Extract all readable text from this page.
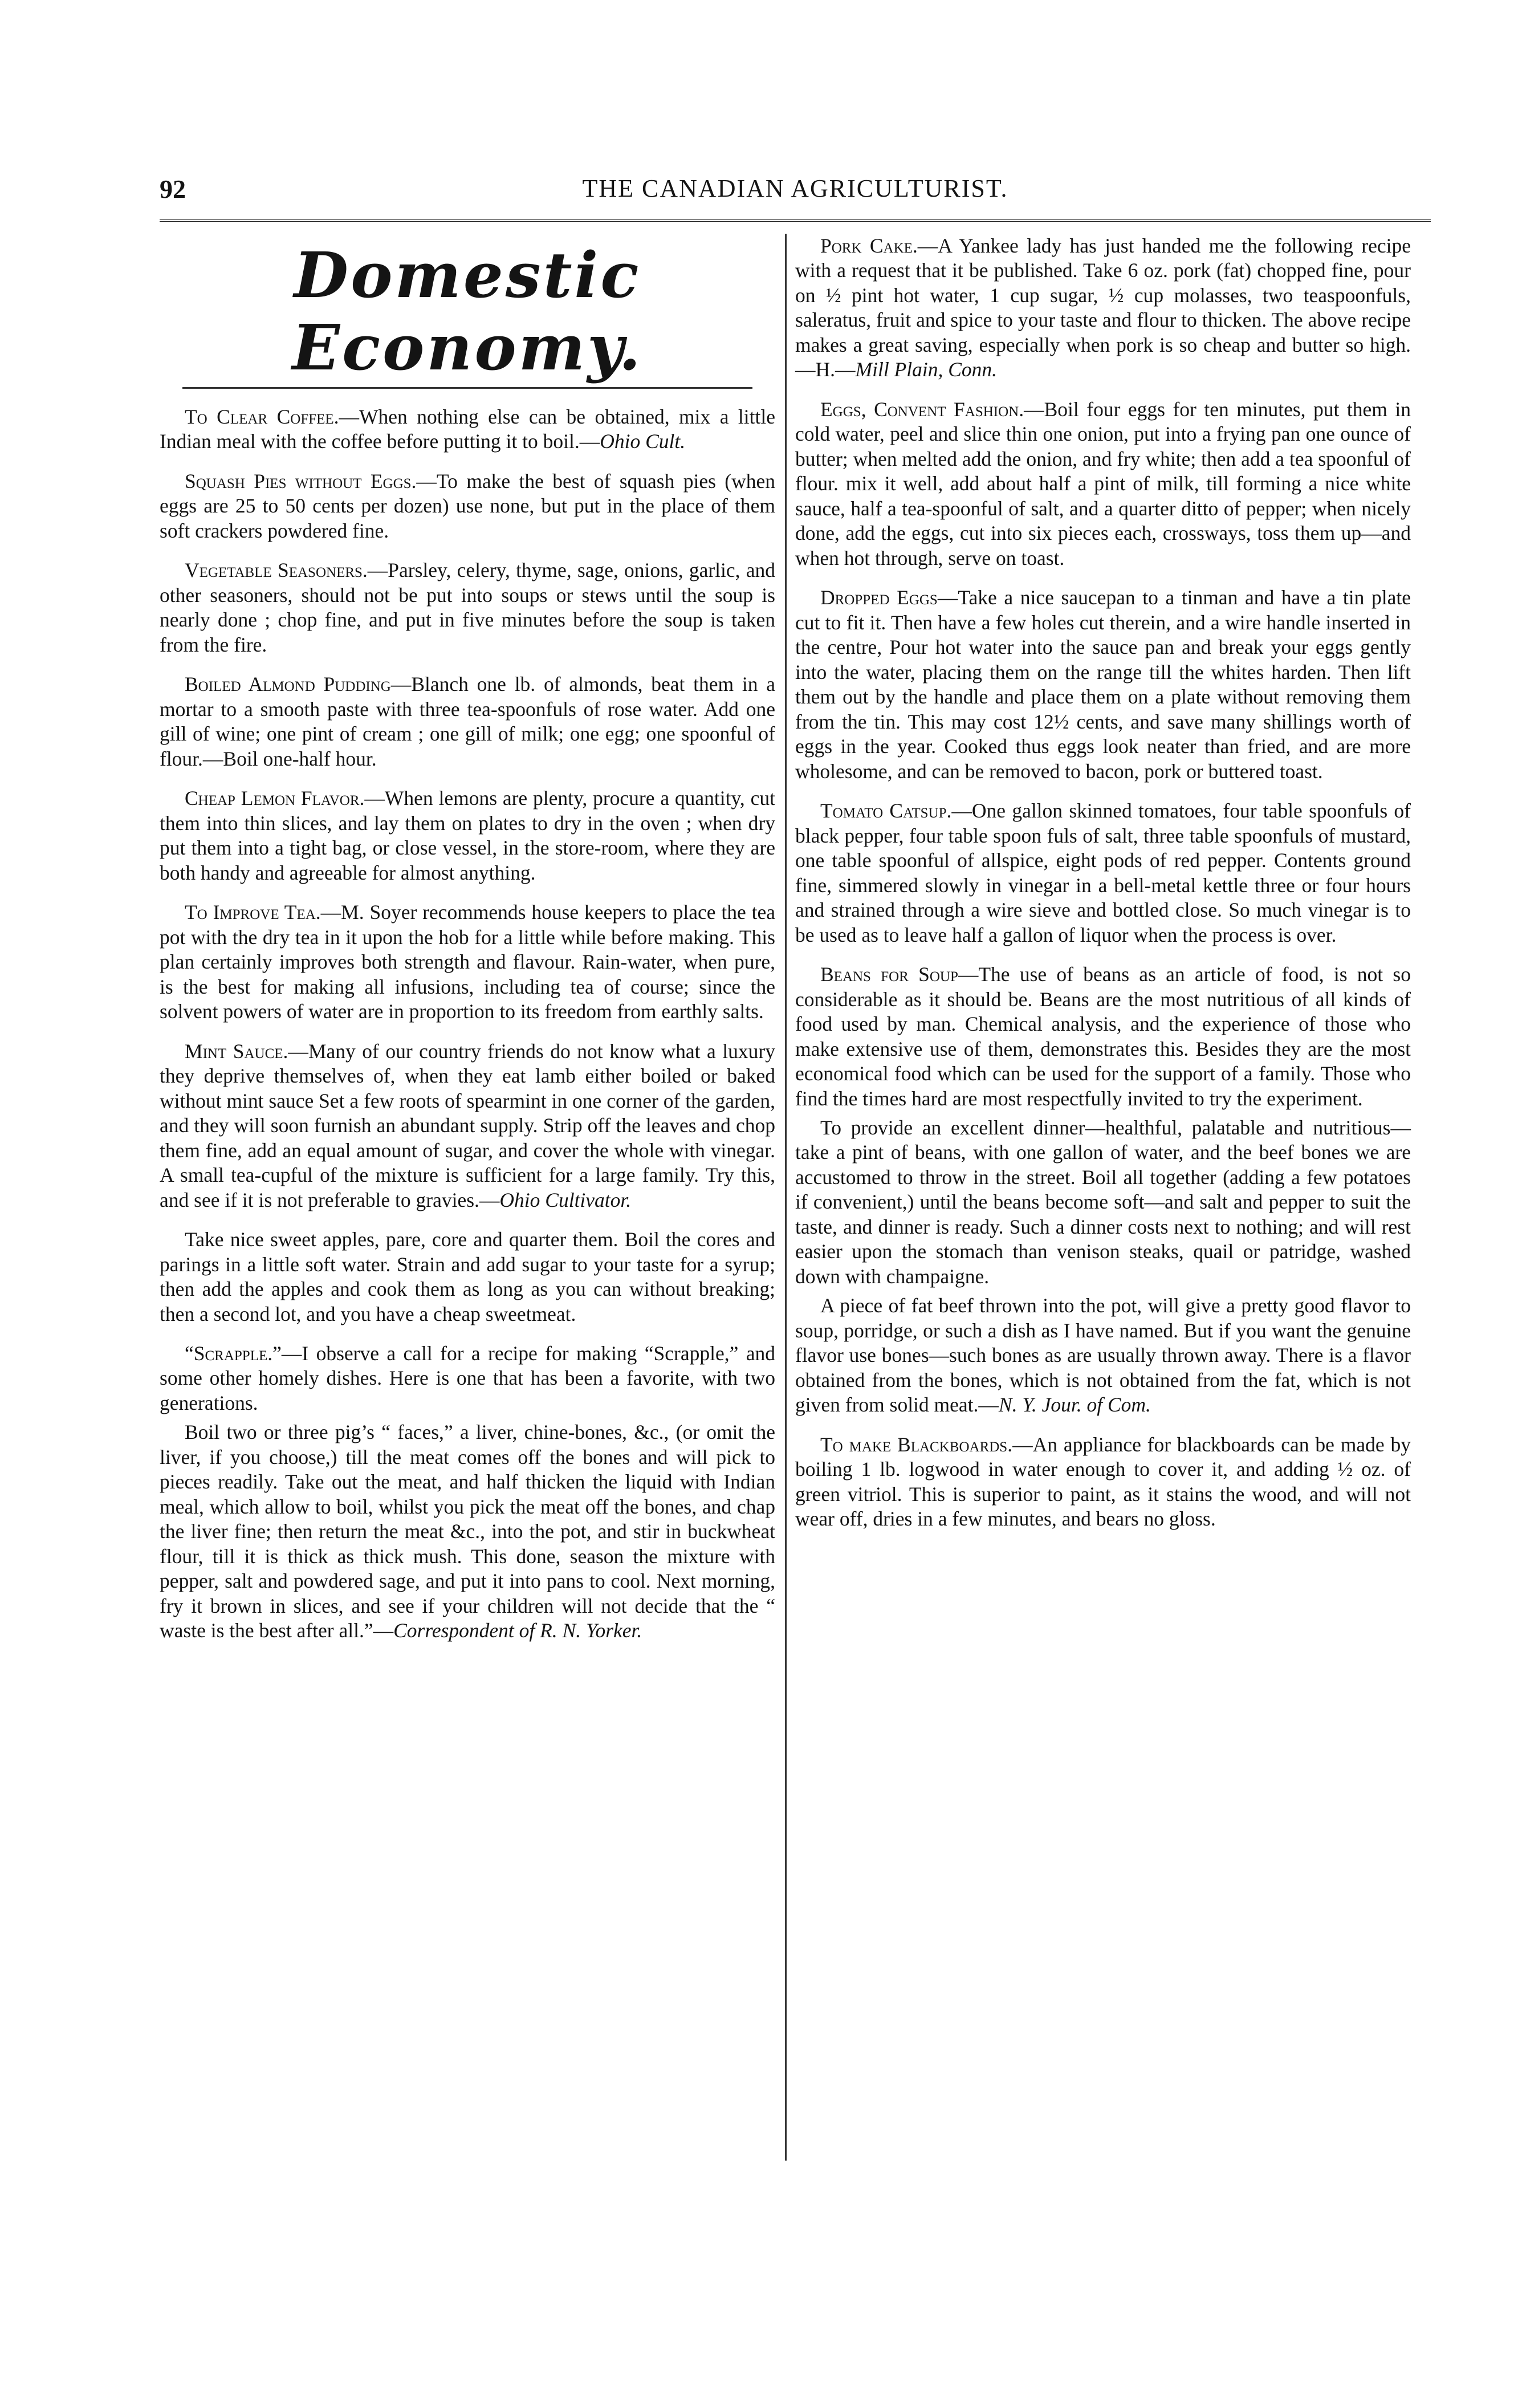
92	THE CANADIAN AGRICULTURIST.
Domestic Economy.

To Clear Coffee.—When nothing else can be obtained, mix a little Indian meal with the coffee before putting it to boil.—Ohio Cult.

Squash Pies without Eggs.—To make the best of squash pies (when eggs are 25 to 50 cents per dozen) use none, but put in the place of them soft crackers powdered fine.

Vegetable Seasoners.—Parsley, celery, thyme, sage, onions, garlic, and other seasoners, should not be put into soups or stews until the soup is nearly done ; chop fine, and put in five minutes before the soup is taken from the fire.

Boiled Almond Pudding—Blanch one lb. of almonds, beat them in a mortar to a smooth paste with three tea-spoonfuls of rose water. Add one gill of wine; one pint of cream ; one gill of milk; one egg; one spoonful of flour.—Boil one-half hour.

Cheap Lemon Flavor.—When lemons are plenty, procure a quantity, cut them into thin slices, and lay them on plates to dry in the oven ; when dry put them into a tight bag, or close vessel, in the store-room, where they are both handy and agreeable for almost anything.

To Improve Tea.—M. Soyer recommends house keepers to place the tea pot with the dry tea in it upon the hob for a little while before making. This plan certainly improves both strength and flavour. Rain-water, when pure, is the best for making all infusions, including tea of course; since the solvent powers of water are in proportion to its freedom from earthly salts.

Mint Sauce.—Many of our country friends do not know what a luxury they deprive themselves of, when they eat lamb either boiled or baked without mint sauce Set a few roots of spearmint in one corner of the garden, and they will soon furnish an abundant supply. Strip off the leaves and chop them fine, add an equal amount of sugar, and cover the whole with vinegar. A small tea-cupful of the mixture is sufficient for a large family. Try this, and see if it is not preferable to gravies.—Ohio Cultivator.

Take nice sweet apples, pare, core and quarter them. Boil the cores and parings in a little soft water. Strain and add sugar to your taste for a syrup; then add the apples and cook them as long as you can without breaking; then a second lot, and you have a cheap sweetmeat.

“Scrapple.”—I observe a call for a recipe for making “Scrapple,” and some other homely dishes. Here is one that has been a favorite, with two generations.

Boil two or three pig’s “ faces,” a liver, chine-bones, &c., (or omit the liver, if you choose,) till the meat comes off the bones and will pick to pieces readily. Take out the meat, and half thicken the liquid with Indian meal, which allow to boil, whilst you pick the meat off the bones, and chap the liver fine; then return the meat &c., into the pot, and stir in buckwheat flour, till it is thick as thick mush. This done, season the mixture with pepper, salt and powdered sage, and put it into pans to cool. Next morning, fry it brown in slices, and see if your children will not decide that the “ waste is the best after all.”—Correspondent of R. N. Yorker.

Pork Cake.—A Yankee lady has just handed me the following recipe with a request that it be published. Take 6 oz. pork (fat) chopped fine, pour on ½ pint hot water, 1 cup sugar, ½ cup molasses, two teaspoonfuls, saleratus, fruit and spice to your taste and flour to thicken. The above recipe makes a great saving, especially when pork is so cheap and butter so high.—H.—Mill Plain, Conn.

Eggs, Convent Fashion.—Boil four eggs for ten minutes, put them in cold water, peel and slice thin one onion, put into a frying pan one ounce of butter; when melted add the onion, and fry white; then add a tea spoonful of flour. mix it well, add about half a pint of milk, till forming a nice white sauce, half a tea-spoonful of salt, and a quarter ditto of pepper; when nicely done, add the eggs, cut into six pieces each, crossways, toss them up—and when hot through, serve on toast.

Dropped Eggs—Take a nice saucepan to a tinman and have a tin plate cut to fit it. Then have a few holes cut therein, and a wire handle inserted in the centre, Pour hot water into the sauce pan and break your eggs gently into the water, placing them on the range till the whites harden. Then lift them out by the handle and place them on a plate without removing them from the tin. This may cost 12½ cents, and save many shillings worth of eggs in the year. Cooked thus eggs look neater than fried, and are more wholesome, and can be removed to bacon, pork or buttered toast.

Tomato Catsup.—One gallon skinned tomatoes, four table spoonfuls of black pepper, four table spoon fuls of salt, three table spoonfuls of mustard, one table spoonful of allspice, eight pods of red pepper. Contents ground fine, simmered slowly in vinegar in a bell-metal kettle three or four hours and strained through a wire sieve and bottled close. So much vinegar is to be used as to leave half a gallon of liquor when the process is over.

Beans for Soup—The use of beans as an article of food, is not so considerable as it should be. Beans are the most nutritious of all kinds of food used by man. Chemical analysis, and the experience of those who make extensive use of them, demonstrates this. Besides they are the most economical food which can be used for the support of a family. Those who find the times hard are most respectfully invited to try the experiment.

To provide an excellent dinner—healthful, palatable and nutritious—take a pint of beans, with one gallon of water, and the beef bones we are accustomed to throw in the street. Boil all together (adding a few potatoes if convenient,) until the beans become soft—and salt and pepper to suit the taste, and dinner is ready. Such a dinner costs next to nothing; and will rest easier upon the stomach than venison steaks, quail or patridge, washed down with champaigne.

A piece of fat beef thrown into the pot, will give a pretty good flavor to soup, porridge, or such a dish as I have named. But if you want the genuine flavor use bones—such bones as are usually thrown away. There is a flavor obtained from the bones, which is not obtained from the fat, which is not given from solid meat.—N. Y. Jour. of Com.

To make Blackboards.—An appliance for blackboards can be made by boiling 1 lb. logwood in water enough to cover it, and adding ½ oz. of green vitriol. This is superior to paint, as it stains the wood, and will not wear off, dries in a few minutes, and bears no gloss.
